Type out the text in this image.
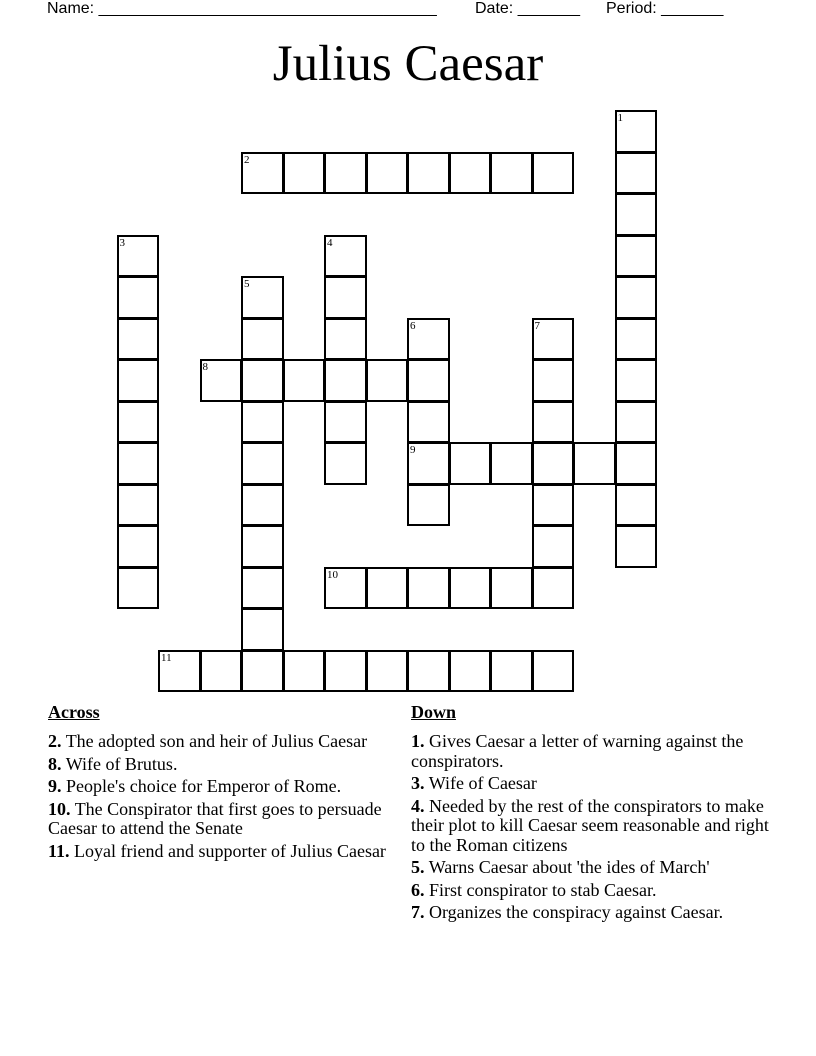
Name: ______________________________________ Date: _______ Period: _______
Julius Caesar
1
2
3	4
5
6
9
7
8
10
11
Across
2. The adopted son and heir of Julius Caesar
8. Wife of Brutus.
9. People's choice for Emperor of Rome.
10. The Conspirator that first goes to persuade Caesar to attend the Senate
11. Loyal friend and supporter of Julius Caesar
Down
1. Gives Caesar a letter of warning against the conspirators.
3. Wife of Caesar
4. Needed by the rest of the conspirators to make their plot to kill Caesar seem reasonable and right to the Roman citizens
5. Warns Caesar about 'the ides of March'
6. First conspirator to stab Caesar.
7. Organizes the conspiracy against Caesar.
